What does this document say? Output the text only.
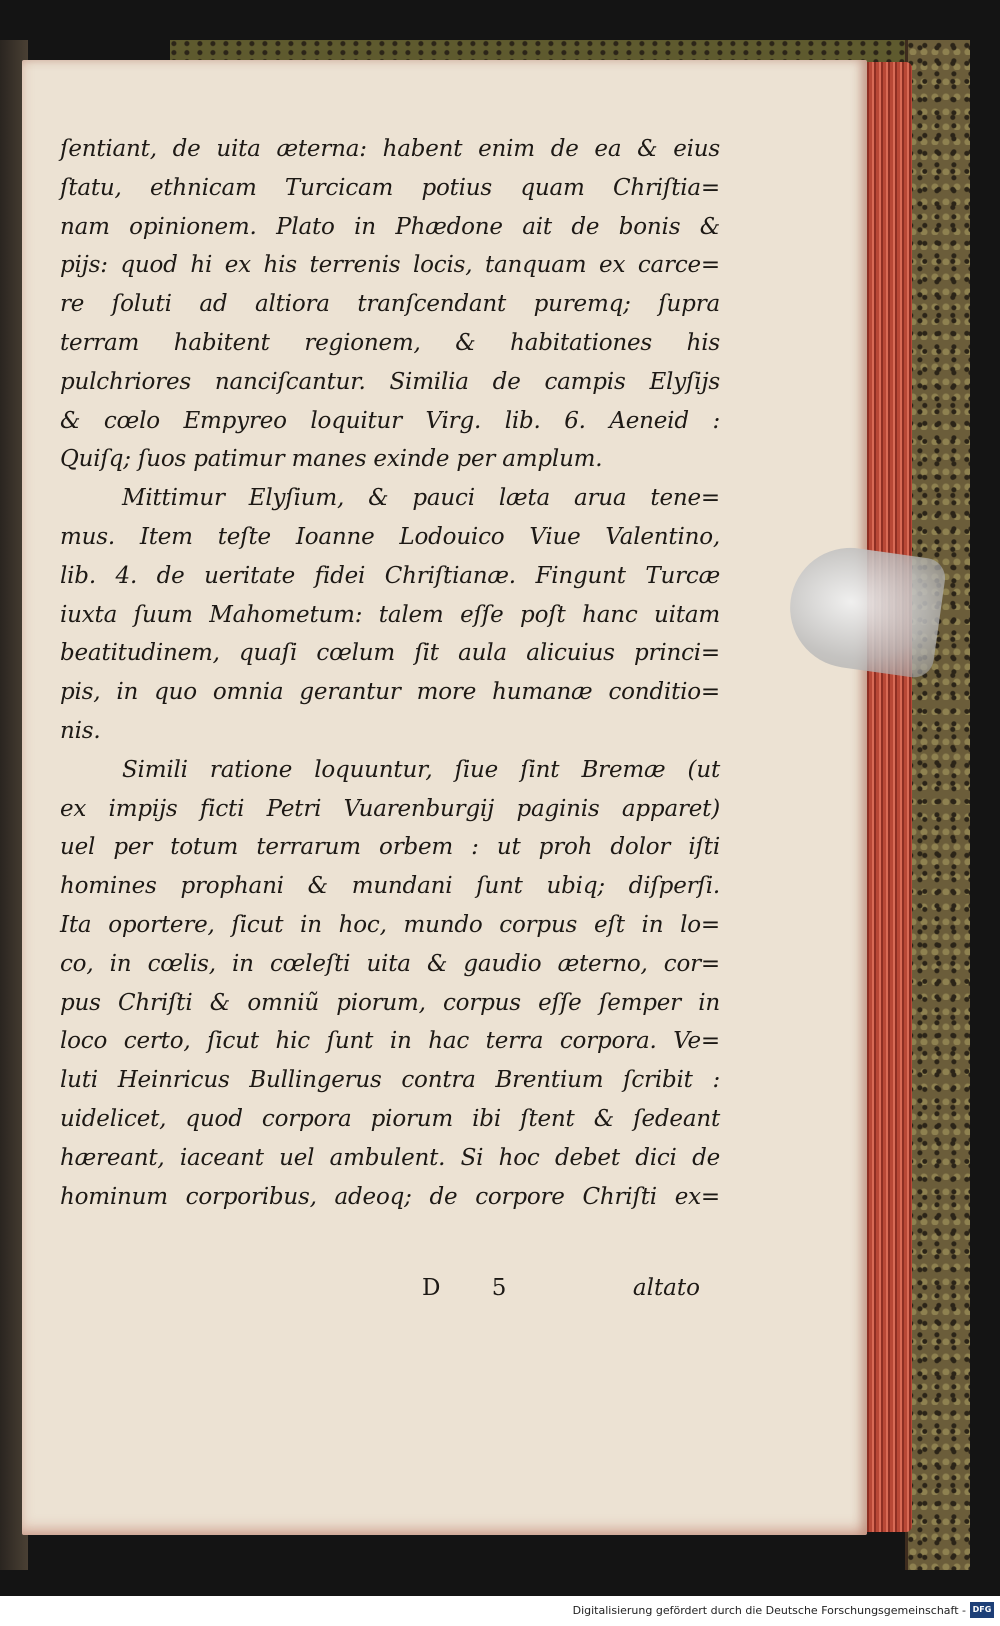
ſentiant, de uita æterna: habent enim de ea & eius
ſtatu, ethnicam Turcicam potius quam Chriſtia=
nam opinionem. Plato in Phædone ait de bonis &
pijs: quod hi ex his terrenis locis, tanquam ex carce=
re ſoluti ad altiora tranſcendant puremq; ſupra
terram habitent regionem, & habitationes his
pulchriores nanciſcantur. Similia de campis Elyſijs
& cœlo Empyreo loquitur Virg. lib. 6. Aeneid :
Quiſq; ſuos patimur manes exinde per amplum.
Mittimur Elyſium, & pauci læta arua tene=
mus. Item teſte Ioanne Lodouico Viue Valentino,
lib. 4. de ueritate fidei Chriſtianæ. Fingunt Turcæ
iuxta ſuum Mahometum: talem eſſe poſt hanc uitam
beatitudinem, quaſi cœlum ſit aula alicuius princi=
pis, in quo omnia gerantur more humanæ conditio=
nis.
Simili ratione loquuntur, ſiue ſint Bremæ (ut
ex impijs ficti Petri Vuarenburgij paginis apparet)
uel per totum terrarum orbem : ut proh dolor iſti
homines prophani & mundani ſunt ubiq; diſperſi.
Ita oportere, ſicut in hoc, mundo corpus eſt in lo=
co, in cœlis, in cœleſti uita & gaudio æterno, cor=
pus Chriſti & omniũ piorum, corpus eſſe ſemper in
loco certo, ſicut hic ſunt in hac terra corpora. Ve=
luti Heinricus Bullingerus contra Brentium ſcribit :
uidelicet, quod corpora piorum ibi ſtent & ſedeant
hæreant, iaceant uel ambulent. Si hoc debet dici de
hominum corporibus, adeoq; de corpore Chriſti ex=
D 5	altato
Digitalisierung gefördert durch die Deutsche Forschungsgemeinschaft - DFG
